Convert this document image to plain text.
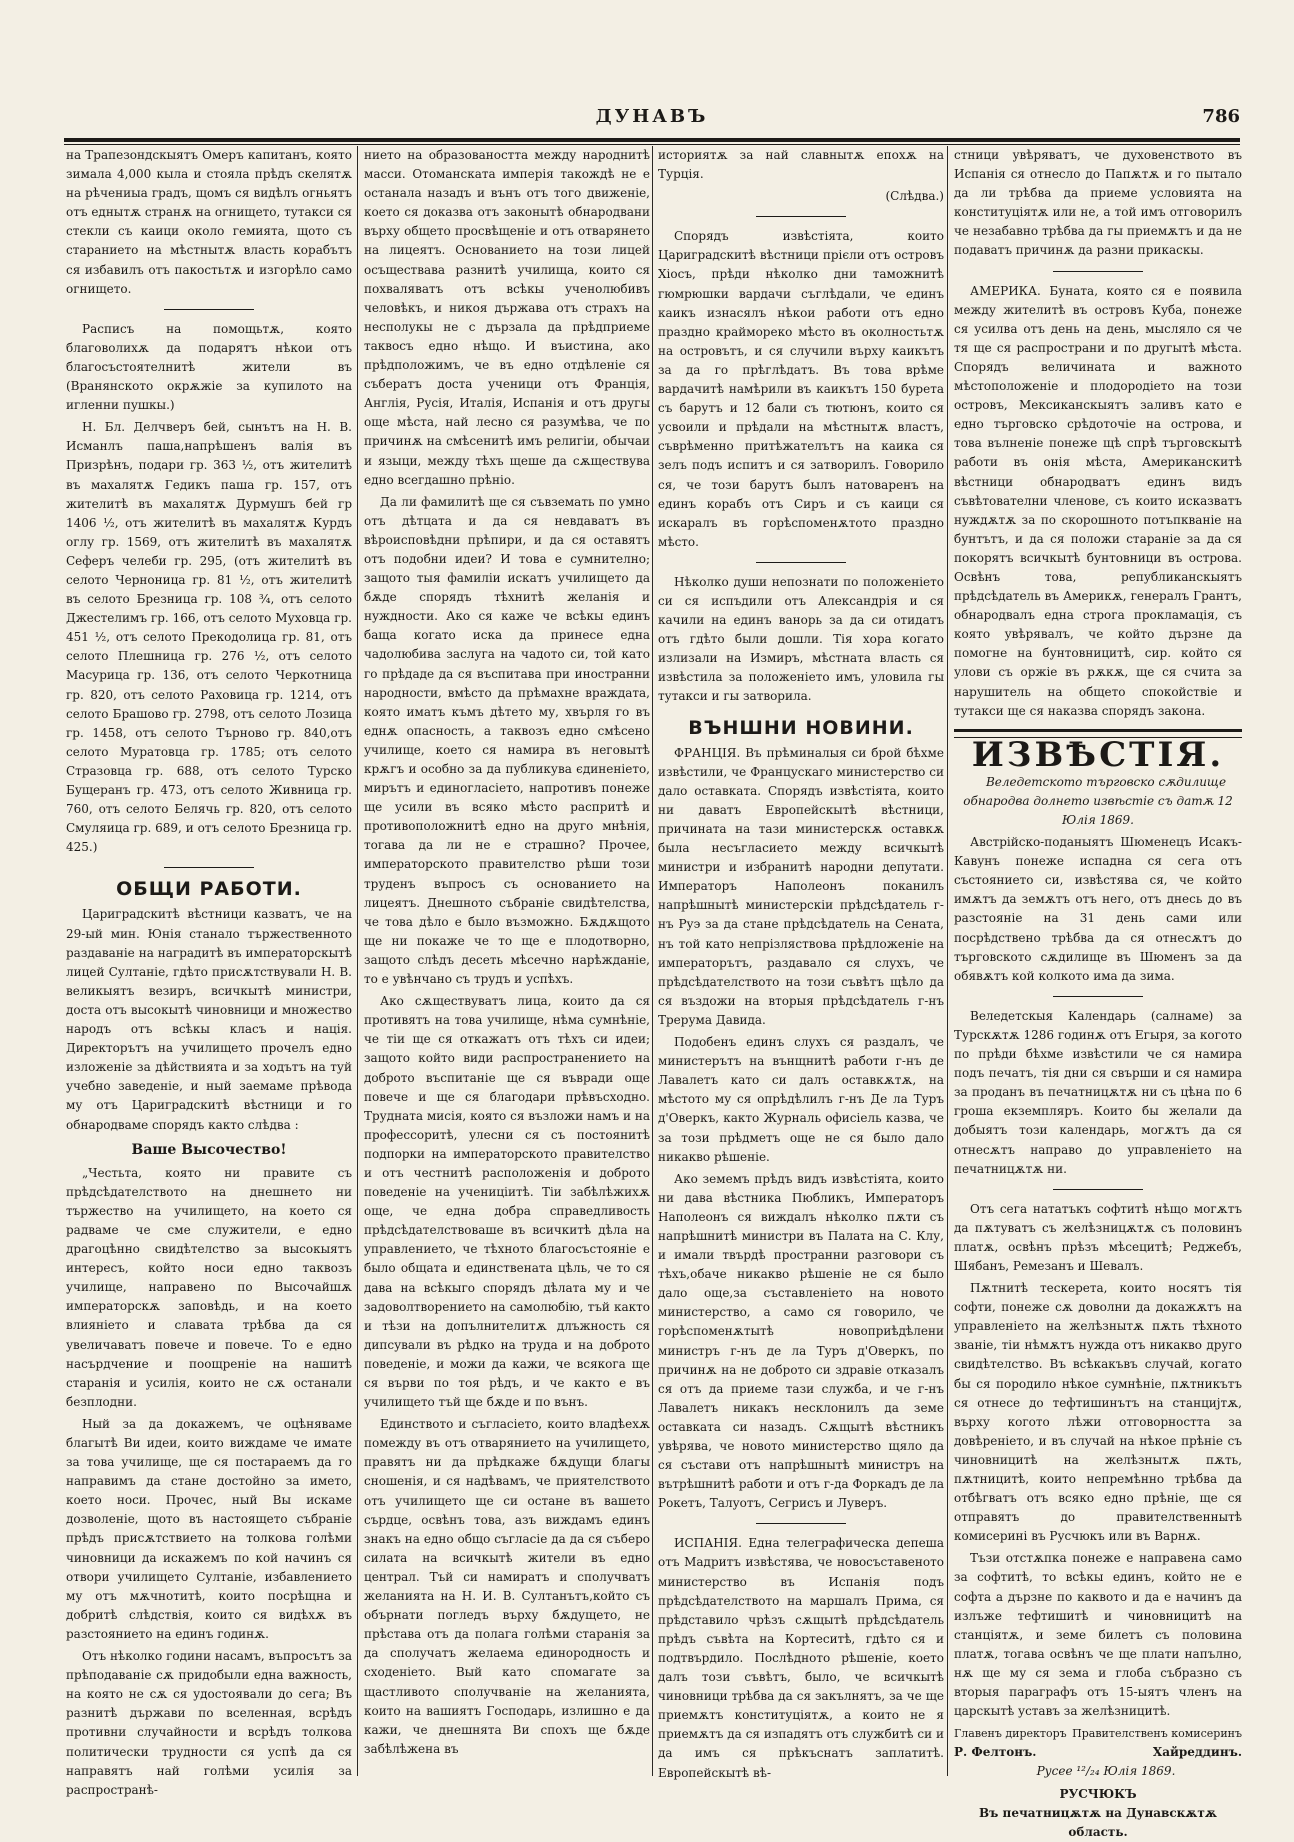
ДУНАВЪ	786

на Трапезондскыятъ Омеръ капитанъ, която зимала 4,000 кыла и стояла прѣдъ скелятѫ на рѣчениыа градъ, щомъ ся видѣлъ огньятъ отъ еднытѫ странѫ на огнището, тутакси ся стекли съ каици около гемията, щото съ старанието на мѣстнытѫ власть корабътъ ся избавилъ отъ пакостьтѫ и изгорѣло само огнището.

Расписъ на помощьтѫ, която благоволихѫ да подарятъ нѣкои отъ благосъстоятелнитѣ жители въ (Вранянското окрѫжіе за купилото на игленни пушкы.)

Н. Бл. Делчверъ бей, сынътъ на Н. В. Исманлъ паша,напрѣшенъ валія въ Призрѣнъ, подари гр. 363 ½, отъ жителитѣ въ махалятѫ Гедикъ паша гр. 157, отъ жителитѣ въ махалятѫ Дурмушъ бей гр 1406 ½, отъ жителитѣ въ махалятѫ Курдъ оглу гр. 1569, отъ жителитѣ въ махалятѫ Сеферъ челеби гр. 295, (отъ жителитѣ въ селото Черноница гр. 81 ½, отъ жителитѣ въ селото Брезница гр. 108 ¾, отъ селото Джестелимъ гр. 166, отъ селото Муховца гр. 451 ½, отъ селото Прекодолица гр. 81, отъ селото Плешница гр. 276 ½, отъ селото Масурица гр. 136, отъ селото Черкотница гр. 820, отъ селото Раховица гр. 1214, отъ селото Брашово гр. 2798, отъ селото Лозица гр. 1458, отъ селото Търново гр. 840,отъ селото Муратовца гр. 1785; отъ селото Стразовца гр. 688, отъ селото Турско Бущеранъ гр. 473, отъ селото Живница гр. 760, отъ селото Белячь гр. 820, отъ селото Смуляица гр. 689, и отъ селото Брезница гр. 425.)

ОБЩИ РАБОТИ.

Цариградскитѣ вѣстници казватъ, че на 29-ый мин. Юнія станало тържественното раздаваніе на наградитѣ въ императорскытѣ лицей Султаніе, гдѣто присѫтствували Н. В. великыятъ везиръ, всичкытѣ министри, доста отъ высокытѣ чиновници и множество народъ отъ всѣкы класъ и нація. Директорътъ на училището прочелъ едно изложеніе за дѣйствията и за ходътъ на туй учебно заведеніе, и ный заемаме прѣвода му отъ Цариградскитѣ вѣстници и го обнародваме спорядъ както слѣдва :

Ваше Высочество!

„Честьта, която ни правите съ прѣдсѣдателството на днешнето ни тържество на училището, на което ся радваме че сме служители, е едно драгоцѣнно свидѣтелство за высокыятъ интересъ, който носи едно таквозъ училище, направено по Высочайшѫ императорскѫ заповѣдь, и на което влияніето и славата трѣбва да ся увеличаватъ повече и повече. То е едно насърдчение и поощреніе на нашитѣ старанія и усилія, които не сѫ останали безплодни.

Ный за да докажемъ, че оцѣняваме благытѣ Ви идеи, които виждаме че имате за това училище, ще ся постараемъ да го направимъ да стане достойно за името, което носи. Прочес, ный Вы искаме дозволеніе, щото въ настоящето събраніе прѣдъ присѫтствието на толкова голѣми чиновници да искажемъ по кой начинъ ся отвори училището Султаніе, избавлението му отъ мѫчнотитѣ, които посрѣщна и добритѣ слѣдствія, които ся видѣхѫ въ разстоянието на единъ годинѫ.

Отъ нѣколко години насамъ, въпросътъ за прѣподаваніе сѫ придобыли една важность, на която не сѫ ся удостоявали до сега; Въ разнитѣ държави по вселенная, всрѣдъ противни случайности и всрѣдъ толкова политически трудности ся успѣ да ся направятъ най голѣми усилія за распространѣ-

нието на образоваността между народнитѣ масси. Отоманската имперія такождѣ не е останала назадъ и вънъ отъ того движеніе, което ся доказва отъ законытѣ обнародвани върху общето просвѣщеніе и отъ отварянето на лицеятъ. Основанието на този лицей осъществава разнитѣ училища, които ся похваляватъ отъ всѣкы ученолюбивъ человѣкъ, и никоя държава отъ страхъ на несполукы не с дързала да прѣдприеме таквосъ едно нѣщо. И въистина, ако прѣдположимъ, че въ едно отдѣленіе ся събератъ доста ученици отъ Франція, Англія, Русія, Италія, Испанія и отъ другы още мѣста, най лесно ся разумѣва, че по причинѫ на смѣсенитѣ имъ религіи, обычаи и языци, между тѣхъ щеше да сѫществува едно всегдашно прѣніо.

Да ли фамилитѣ ще ся съвземать по умно отъ дѣтцата и да ся невдаватъ въ вѣроисповѣдни прѣпири, и да ся оставятъ отъ подобни идеи? И това е сумнително; защото тыя фамиліи искатъ училището да бѫде спорядъ тѣхнитѣ желанія и нуждности. Ако ся каже че всѣкы единъ баща когато иска да принесе една чадолюбива заслуга на чадото си, той като го прѣдаде да ся въспитава при иностранни народности, вмѣсто да прѣмахне враждата, която иматъ къмъ дѣтето му, хвърля го въ еднѫ опасность, а таквозъ едно смѣсено училище, което ся намира въ неговытѣ крѫгъ и особно за да публикува єдиненіето, мирътъ и единогласіето, напротивъ понеже ще усили въ всяко мѣсто распритѣ и противоположнитѣ едно на друго мнѣнія, тогава да ли не е страшно? Прочее, императорското правителство рѣши този труденъ въпросъ съ основанието на лицеятъ. Днешното събраніе свидѣтелства, че това дѣло е было възможно. Бѫдѫщото ще ни покаже че то ще е плодотворно, защото слѣдъ десеть мѣсечно нарѣжданіе, то е увѣнчано съ трудъ и успѣхъ.

Ако сѫществуватъ лица, които да ся противятъ на това училище, нѣма сумнѣніе, че тіи ще ся откажатъ отъ тѣхъ си идеи; защото който види распространението на доброто въспитаніе ще ся въвради още повече и ще ся благодари прѣвъсходно. Трудната мисія, която ся възложи намъ и на профессоритѣ, улесни ся съ постоянитѣ подпорки на императорското правителство и отъ честнитѣ расположенія и доброто поведеніе на учениціитѣ. Тіи забѣлѣжихѫ още, че една добра справедливость прѣдсѣдателствоваше въ всичкитѣ дѣла на управлението, че тѣхното благосъстояніе е было общата и единствената цѣль, че то ся дава на всѣкыго спорядъ дѣлата му и че задоволтворението на самолюбію, тъй както и тѣзи на допълнителитѫ длъжность ся дипсували въ рѣдко на труда и на доброто поведеніе, и можи да кажи, че всякога ще ся върви по тоя рѣдъ, и че както е въ училището тъй ще бѫде и по вънъ.

Единството и съгласіето, които владѣехѫ помежду въ отъ отварянието на училището, правятъ ни да прѣдкаже бѫдущи благы сношенія, и ся надѣвамъ, че приятелството отъ училището ще си остане въ вашето сърдце, освѣнъ това, азъ виждамъ единъ знакъ на едно общо съгласіе да да ся съберо силата на всичкытѣ жители въ едно централ. Тъй си намиратъ и сполучватъ желанията на Н. И. В. Султанътъ,който съ обърнати погледъ върху бѫдущето, не прѣстава отъ да полага голѣми старанія за да сполучатъ желаема единородность и сходеніето. Вый като спомагате за щастливото сполучваніе на желанията, които на вашиятъ Господарь, излишно е да кажи, че днешнята Ви спохъ ще бѫде забѣлѣжена въ

историятѫ за най славнытѫ епохѫ на Турція.

(Слѣдва.)

Спорядъ извѣстіята, които Цариградскитѣ вѣстници прієли отъ островъ Хіосъ, прѣди нѣколко дни таможнитѣ гюмрюшки вардачи съглѣдали, че единъ каикъ изнасялъ нѣкои работи отъ едно праздно краймореко мѣсто въ околностьтѫ на островътъ, и ся случили върху каикътъ за да го прѣглѣдатъ. Въ това врѣме вардачитѣ намѣрили въ каикътъ 150 бурета съ барутъ и 12 бали съ тютюнъ, които ся усвоили и прѣдали на мѣстнытѫ властъ, съврѣменно притѣжателътъ на каика ся зелъ подъ испитъ и ся затворилъ. Говорило ся, че този барутъ былъ натоваренъ на единъ корабъ отъ Сиръ и съ каици ся искаралъ въ горѣспоменѫтото праздно мѣсто.

Нѣколко души непознати по положеніето си ся испъдили отъ Александрія и ся качили на единъ ванорь за да си отидатъ отъ гдѣто были дошли. Тія хора когато излизали на Измиръ, мѣстната власть ся извѣстила за положеніето имъ, уловила гы тутакси и гы затворила.

ВЪНШНИ НОВИНИ.

ФРАНЦІЯ. Въ прѣминалыя си брой бѣхме извѣстили, че Францускаго министерство си дало оставката. Спорядъ извѣстіята, които ни даватъ Европейскытѣ вѣстници, причината на тази министерскѫ оставкѫ была несъгласието между всичкытѣ министри и избранитѣ народни депутати. Императоръ Наполеонъ поканилъ напрѣшнытѣ министерскіи прѣдсѣдатель г-нъ Руэ за да стане прѣдсѣдатель на Сената, нъ той като непрізляствова прѣдложеніе на императорътъ, раздавало ся слухъ, че прѣдсѣдателството на този съвѣтъ щѣло да ся въздожи на вторыя прѣдсѣдатель г-нъ Трерума Давида.

Подобенъ единъ слухъ ся раздалъ, че министерътъ на вънщнитѣ работи г-нъ де Лавалетъ като си далъ оставкѫтѫ, на мѣстото му ся опрѣдѣлилъ г-нъ Де ла Туръ д'Оверкъ, както Журналь офисіель казва, че за този прѣдметъ още не ся было дало никакво рѣшеніе.

Ако земемъ прѣдъ видъ извѣстіята, които ни дава вѣстника Пюбликъ, Императоръ Наполеонъ ся виждалъ нѣколко пѫти съ напрѣшнитѣ министри въ Палата на С. Клу, и имали твърдѣ пространни разговори съ тѣхъ,обаче никакво рѣшеніе не ся было дало още,за съставленіето на новото министерство, а само ся говорило, че горѣспоменѫтытѣ новоприѣдѣлени министръ г-нъ де ла Туръ д'Оверкъ, по причинѫ на не доброто си здравіе отказалъ ся отъ да приеме тази службa, и че г-нъ Лавалетъ никакъ несклонилъ да земе оставката си назадъ. Сѫщытѣ вѣстникъ увѣрява, че новото министерство щяло да ся състави отъ напрѣшнытѣ министръ на вътрѣшнитѣ работи и отъ г-да Форкадъ де ла Рокетъ, Талуотъ, Сегрисъ и Луверъ.

ИСПАНІЯ. Една телеграфическа депеша отъ Мадритъ извѣстява, че новосъставеното министерство въ Испанія подъ прѣдсѣдателството на маршалъ Прима, ся прѣдставило чрѣзъ сѫщытѣ прѣдсѣдатель прѣдъ съвѣта на Кортеситѣ, гдѣто ся и подтвърдило. Послѣдното рѣшеніе, което далъ този съвѣтъ, было, че всичкытѣ чиновници трѣбва да ся закълнятъ, за че ще приемѫтъ конституціятѫ, а които не я приемѫтъ да ся изпадятъ отъ службитѣ си и да имъ ся прѣкъснатъ заплатитѣ. Европейскытѣ вѣ-

стници увѣряватъ, че духовенството въ Испанія ся отнесло до Папѫтѫ и го пытало да ли трѣбва да приеме условията на конституціятѫ или не, а той имъ отговорилъ че незабавно трѣбва да гы приемѫтъ и да не подаватъ причинѫ да разни прикаскы.

АМЕРИКА. Бунатa, която ся е появила между жителитѣ въ островъ Куба, понеже ся усилва отъ день на день, мысляло ся че тя ще ся распространи и по другытѣ мѣста. Спорядъ величината и важното мѣстоположеніе и плодородіето на този островъ, Мексиканскыятъ заливъ като е едно търговско срѣдоточіе на острова, и това вълненіе понеже щѣ спрѣ търговскытѣ работи въ онія мѣста, Американскитѣ вѣстници обнародватъ единъ видъ съвѣтователни членове, съ които исказватъ нуждѫтѫ за по скорошното потъпкваніе на бунтътъ, и да ся положи стараніе за да ся покорятъ всичкытѣ бунтовници въ острова. Освѣнъ това, републиканскыятъ прѣдсѣдатель въ Америкѫ, генералъ Грантъ, обнародвалъ една строга прокламація, съ която увѣрявалъ, че който дързне да помогне на бунтовницитѣ, сир. който ся улови съ оржіе въ рѫкѫ, ще ся счита за нарушитель на общето спокойствіе и тутакси ще ся наказва спорядъ закона.

ИЗВѢСТІЯ.

Веледетското търговско сѫдилище обнародва долнето извѣстіе съ датѫ 12 Юлія 1869.

Австрійско-поданыятъ Шюменецъ Исакъ-Кавунъ понеже испадна ся сега отъ състоянието си, извѣстява ся, че който имѫтъ да земѫтъ отъ него, отъ днесь до въ разстояніе на 31 день сами или посрѣдствено трѣбва да ся отнесѫтъ до търговското сѫдилище въ Шюменъ за да обявѫтъ кой колкото има да зима.

Веледетскыя Календарь (салнаме) за Турскѫтѫ 1286 годинѫ отъ Егыря, за когото по прѣди бѣхме извѣстили че ся намира подъ печатъ, тія дни ся свърши и ся намира за проданъ въ печатницѫтѫ ни съ цѣна по 6 гроша екземпляръ. Които бы желали да добыятъ този календарь, могѫтъ да ся отнесѫтъ направо до управленіето на печатницѫтѫ ни.

Отъ сега нататъкъ софтитѣ нѣщо могѫтъ да пѫтуватъ съ желѣзницѫтѫ съ половинъ платѫ, освѣнъ прѣзъ мѣсецитѣ; Реджебъ, Шябанъ, Ремезанъ и Шевалъ.

Пѫтнитѣ тескерета, които носятъ тія софти, понеже сѫ доволни да докажѫтъ на управленіето на желѣзнытѫ пѫть тѣхното званіе, тіи нѣмѫтъ нужда отъ никакво друго свидѣтелство. Въ всѣкакъвъ случай, когато бы ся породило нѣкое сумнѣніе, пѫтникътъ ся отнесе до тефтишинътъ на станцијтѫ, върху когото лѣжи отговорността за довѣреніето, и въ случай на нѣкое прѣніе съ чиновницитѣ на желѣзнытѫ пѫть, пѫтницитѣ, които непремѣнно трѣбва да отбѣгватъ отъ всяко едно прѣніе, ще ся отправятъ до правителственнытѣ комисерині въ Русчюкъ или въ Варнѫ.

Тъзи отстѫпка понеже е направена само за софтитѣ, то всѣкы единъ, който не е софта а дързне по каквото и да е начинъ да излъже тефтишитѣ и чиновницитѣ на станціятѫ, и земе билетъ съ половина платѫ, тогава освѣнъ че ще плати напълно, нѫ ще му ся зема и глоба събразно съ вторыя параграфъ отъ 15-ыятъ членъ на царскытѣ уставъ за желѣзницитѣ.

Главенъ директоръ Правителственъ комисеринъ
Р. Фелтонъ.	Хайреддинъ.

Русее ¹²/₂₄ Юлія 1869.

РУСЧЮКЪ
Въ печатницѫтѫ на Дунавскѫтѫ область.
